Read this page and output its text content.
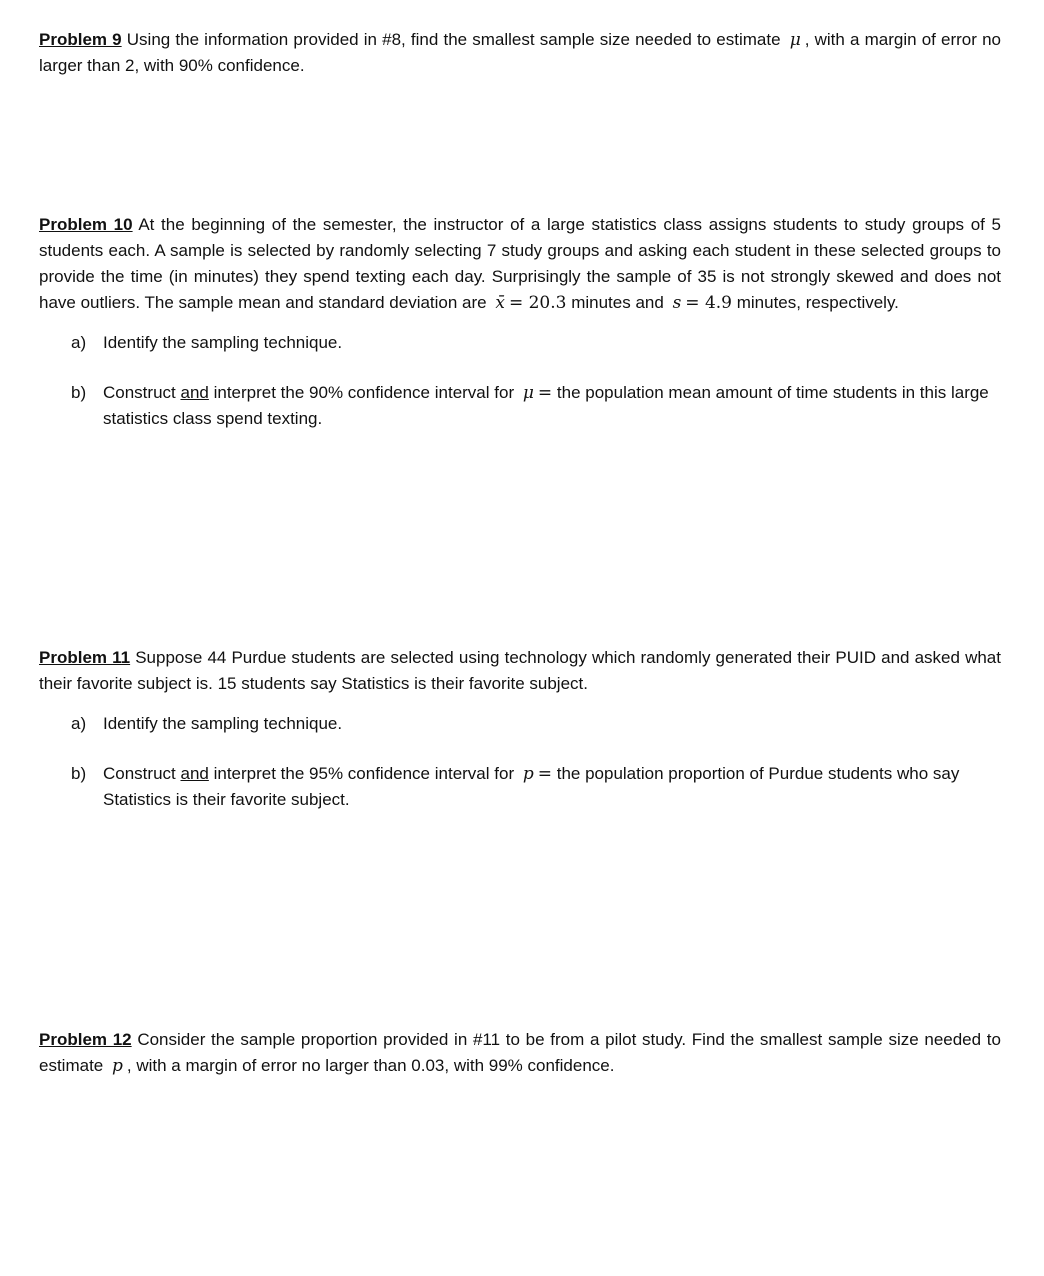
Problem 9 Using the information provided in #8, find the smallest sample size needed to estimate μ , with a margin of error no larger than 2, with 90% confidence.

Problem 10 At the beginning of the semester, the instructor of a large statistics class assigns students to study groups of 5 students each. A sample is selected by randomly selecting 7 study groups and asking each student in these selected groups to provide the time (in minutes) they spend texting each day. Surprisingly the sample of 35 is not strongly skewed and does not have outliers. The sample mean and standard deviation are x̄ = 20.3 minutes and s = 4.9 minutes, respectively.

a) Identify the sampling technique.
b) Construct and interpret the 90% confidence interval for μ = the population mean amount of time students in this large statistics class spend texting.

Problem 11 Suppose 44 Purdue students are selected using technology which randomly generated their PUID and asked what their favorite subject is. 15 students say Statistics is their favorite subject.

a) Identify the sampling technique.
b) Construct and interpret the 95% confidence interval for p = the population proportion of Purdue students who say Statistics is their favorite subject.

Problem 12 Consider the sample proportion provided in #11 to be from a pilot study. Find the smallest sample size needed to estimate p , with a margin of error no larger than 0.03, with 99% confidence.
